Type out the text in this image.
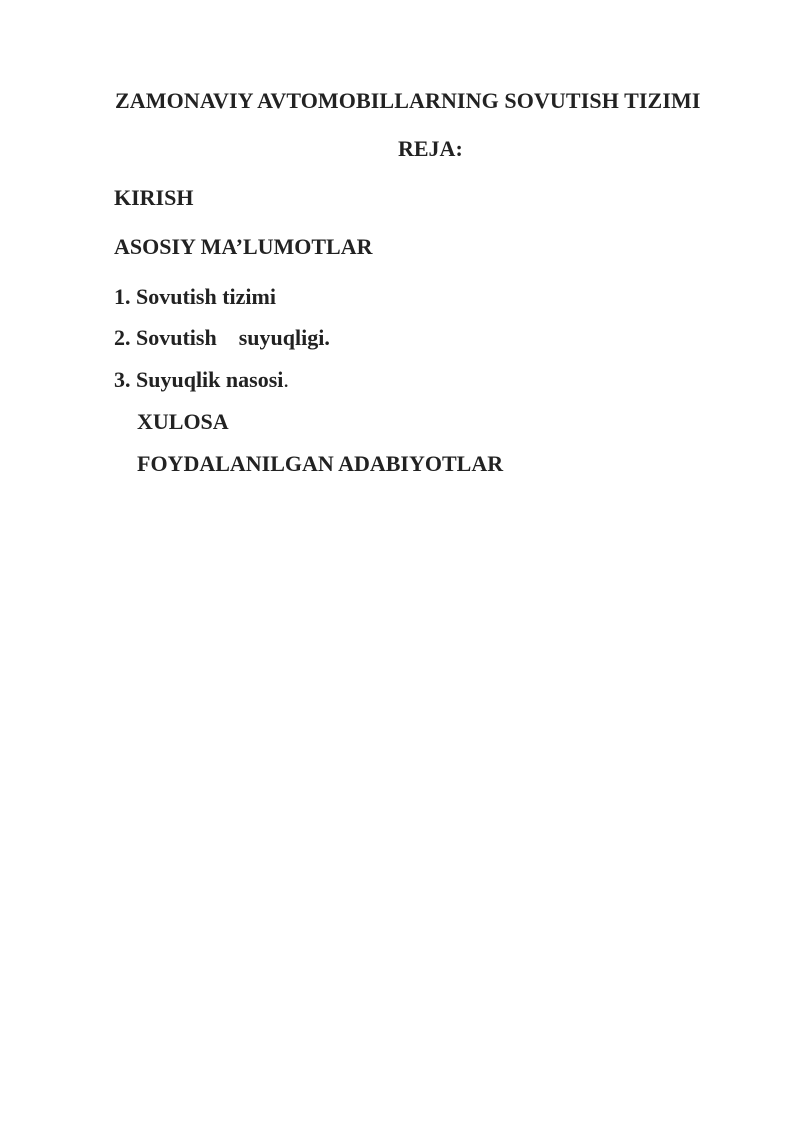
ZAMONAVIY AVTOMOBILLARNING SOVUTISH TIZIMI

REJA:

KIRISH

ASOSIY MA’LUMOTLAR

1. Sovutish tizimi

2. Sovutish suyuqligi.

3. Suyuqlik nasosi.

XULOSA

FOYDALANILGAN ADABIYOTLAR
